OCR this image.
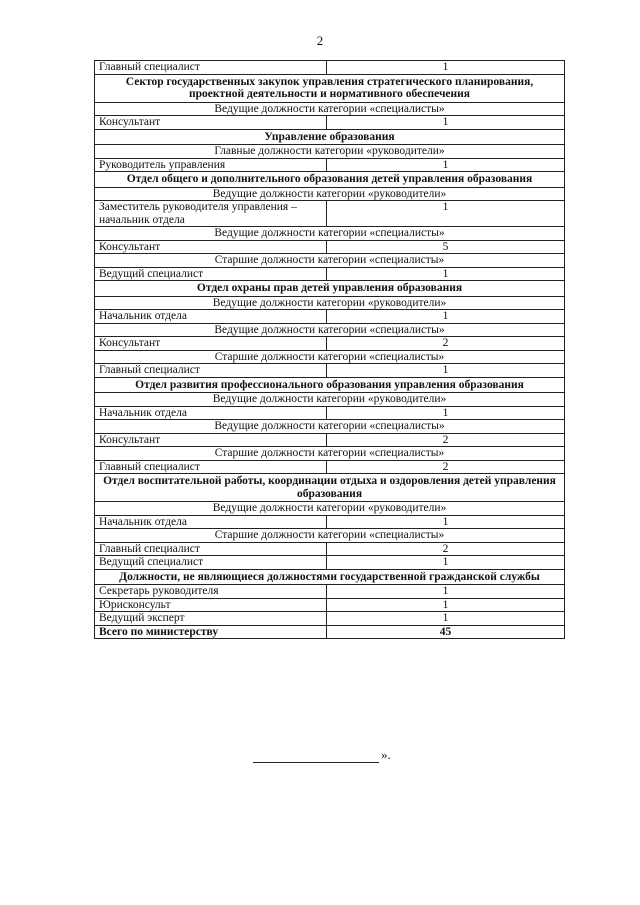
2
Главный специалист	1
Сектор государственных закупок управления стратегического планирования, проектной деятельности и нормативного обеспечения	
Ведущие должности категории «специалисты»	
Консультант	1
Управление образования	
Главные должности категории «руководители»	
Руководитель управления	1
Отдел общего и дополнительного образования детей управления образования	
Ведущие должности категории «руководители»	
Заместитель руководителя управления – начальник отдела	1
Ведущие должности категории «специалисты»	
Консультант	5
Старшие должности категории «специалисты»	
Ведущий специалист	1
Отдел охраны прав детей управления образования	
Ведущие должности категории «руководители»	
Начальник отдела	1
Ведущие должности категории «специалисты»	
Консультант	2
Старшие должности категории «специалисты»	
Главный специалист	1
Отдел развития профессионального образования управления образования	
Ведущие должности категории «руководители»	
Начальник отдела	1
Ведущие должности категории «специалисты»	
Консультант	2
Старшие должности категории «специалисты»	
Главный специалист	2
Отдел воспитательной работы, координации отдыха и оздоровления детей управления образования	
Ведущие должности категории «руководители»	
Начальник отдела	1
Старшие должности категории «специалисты»	
Главный специалист	2
Ведущий специалист	1
Должности, не являющиеся должностями государственной гражданской службы	
Секретарь руководителя	1
Юрисконсульт	1
Ведущий эксперт	1
Всего по министерству	45
».
